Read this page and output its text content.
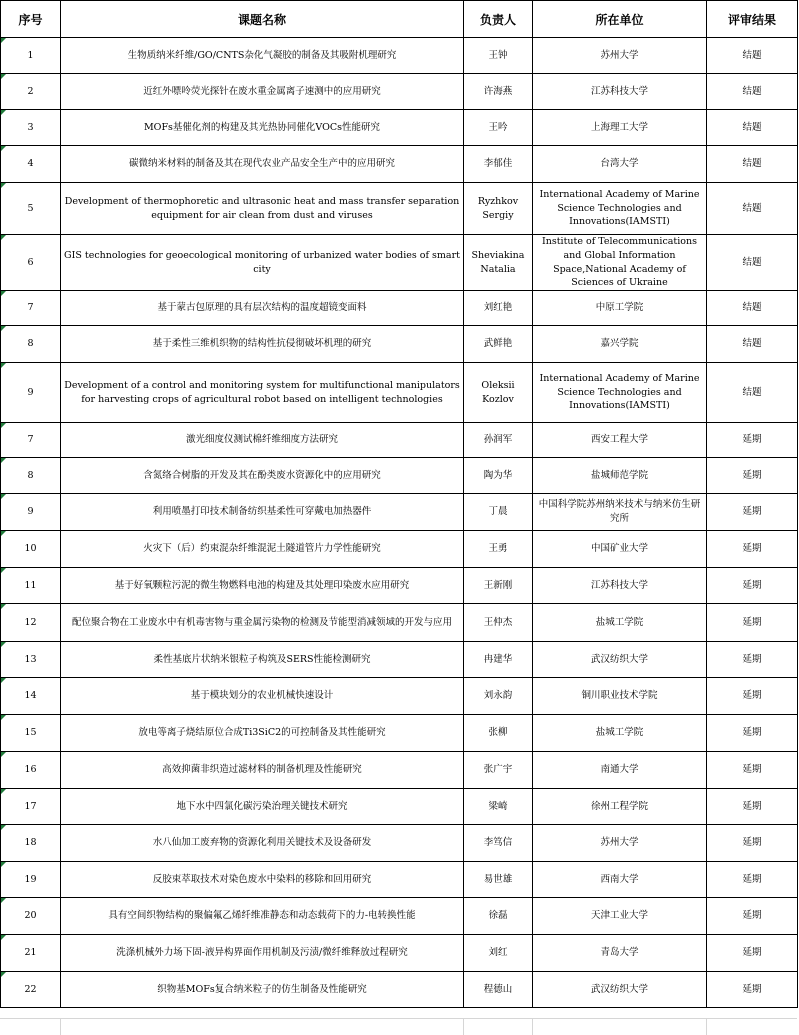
序号	课题名称	负责人	所在单位	评审结果
1	生物质纳米纤维/GO/CNTS杂化气凝胶的制备及其吸附机理研究	王钟	苏州大学	结题
2	近红外嘌呤荧光探针在废水重金属离子速测中的应用研究	许海燕	江苏科技大学	结题
3	MOFs基催化剂的构建及其光热协同催化VOCs性能研究	王吟	上海理工大学	结题
4	碳微纳米材料的制备及其在现代农业产品安全生产中的应用研究	李郁佳	台湾大学	结题
5	Development of thermophoretic and ultrasonic heat and mass transfer separation equipment for air clean from dust and viruses	Ryzhkov Sergiy	International Academy of Marine Science Technologies and Innovations(IAMSTI)	结题
6	GIS technologies for geoecological monitoring of urbanized water bodies of smart city	Sheviakina Natalia	Institute of Telecommunications and Global Information Space,National Academy of Sciences of Ukraine	结题
7	基于蒙古包原理的具有层次结构的温度超镜变面料	刘红艳	中原工学院	结题
8	基于柔性三维机织物的结构性抗侵彻破坏机理的研究	武鲜艳	嘉兴学院	结题
9	Development of a control and monitoring system for multifunctional manipulators for harvesting crops of agricultural robot based on intelligent technologies	Oleksii Kozlov	International Academy of Marine Science Technologies and Innovations(IAMSTI)	结题
7	激光细度仪测试棉纤维细度方法研究	孙润军	西安工程大学	延期
8	含氮络合树脂的开发及其在酚类废水资源化中的应用研究	陶为华	盐城师范学院	延期
9	利用喷墨打印技术制备纺织基柔性可穿戴电加热器件	丁晨	中国科学院苏州纳米技术与纳米仿生研究所	延期
10	火灾下（后）约束混杂纤维混泥土隧道管片力学性能研究	王勇	中国矿业大学	延期
11	基于好氧颗粒污泥的微生物燃料电池的构建及其处理印染废水应用研究	王新刚	江苏科技大学	延期
12	配位聚合物在工业废水中有机毒害物与重金属污染物的检测及节能型消减领域的开发与应用	王仲杰	盐城工学院	延期
13	柔性基底片状纳米银粒子构筑及SERS性能检测研究	冉建华	武汉纺织大学	延期
14	基于模块划分的农业机械快速设计	刘永韵	铜川职业技术学院	延期
15	放电等离子烧结原位合成Ti3SiC2的可控制备及其性能研究	张柳	盐城工学院	延期
16	高效抑菌非织造过滤材料的制备机理及性能研究	张广宇	南通大学	延期
17	地下水中四氯化碳污染治理关键技术研究	梁崎	徐州工程学院	延期
18	水八仙加工废弃物的资源化利用关键技术及设备研发	李笃信	苏州大学	延期
19	反胶束萃取技术对染色废水中染料的移除和回用研究	易世雄	西南大学	延期
20	具有空间织物结构的聚偏氟乙烯纤维准静态和动态载荷下的力-电转换性能	徐磊	天津工业大学	延期
21	洗涤机械外力场下固-液异构界面作用机制及污渍/微纤维释放过程研究	刘红	青岛大学	延期
22	织物基MOFs复合纳米粒子的仿生制备及性能研究	程德山	武汉纺织大学	延期
